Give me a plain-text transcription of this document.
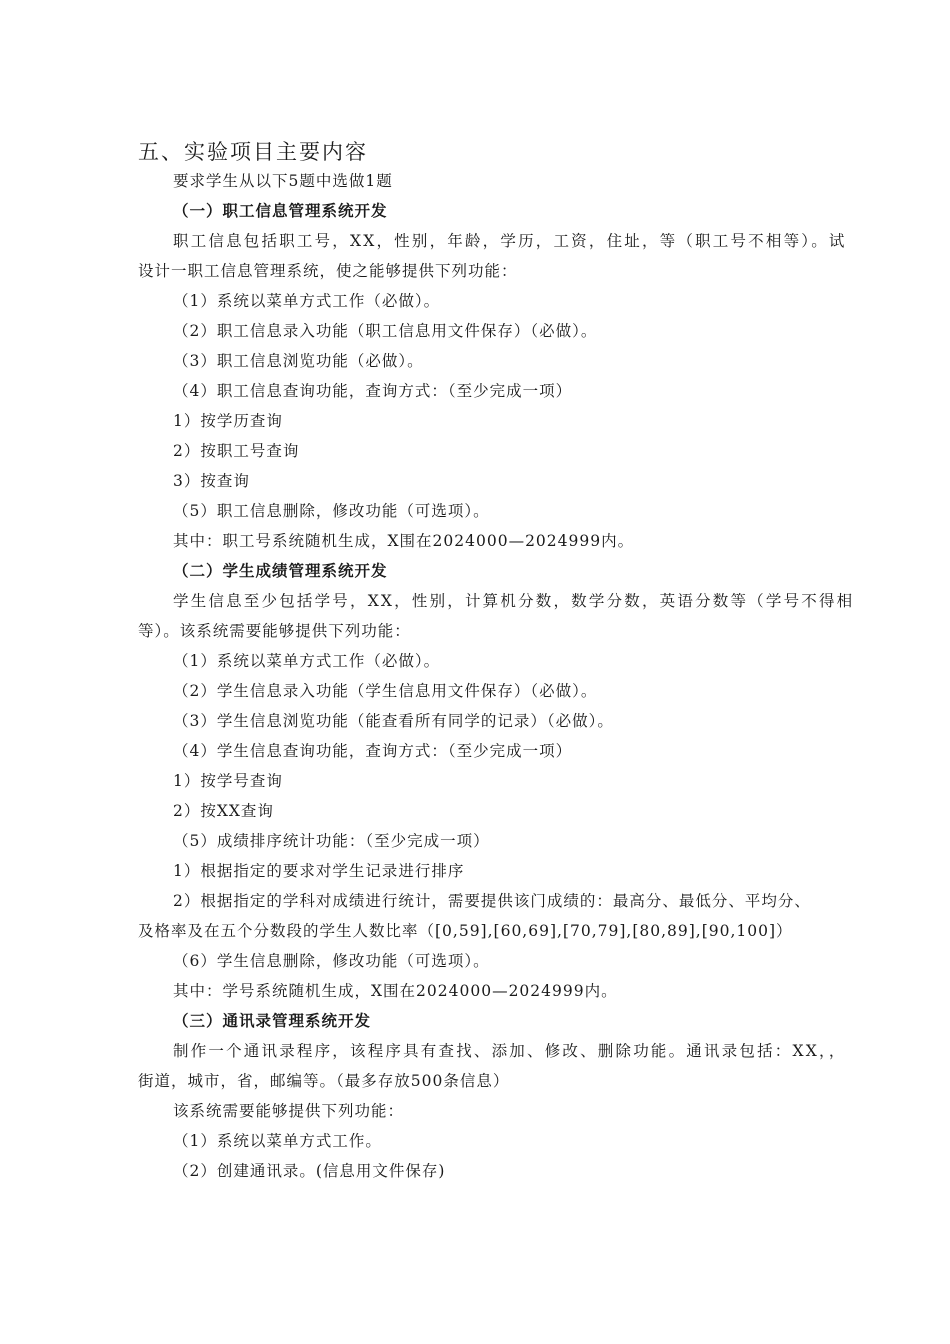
五、实验项目主要内容
要求学生从以下5题中选做1题
（一）职工信息管理系统开发
职工信息包括职工号，XX，性别，年龄，学历，工资，住址，等（职工号不相等）。试
设计一职工信息管理系统，使之能够提供下列功能：
（1）系统以菜单方式工作（必做）。
（2）职工信息录入功能（职工信息用文件保存）（必做）。
（3）职工信息浏览功能（必做）。
（4）职工信息查询功能，查询方式：（至少完成一项）
1）按学历查询
2）按职工号查询
3）按查询
（5）职工信息删除，修改功能（可选项）。
其中：职工号系统随机生成，X围在2024000—2024999内。
（二）学生成绩管理系统开发
学生信息至少包括学号，XX，性别，计算机分数，数学分数，英语分数等（学号不得相
等）。该系统需要能够提供下列功能：
（1）系统以菜单方式工作（必做）。
（2）学生信息录入功能（学生信息用文件保存）（必做）。
（3）学生信息浏览功能（能查看所有同学的记录）（必做）。
（4）学生信息查询功能，查询方式：（至少完成一项）
1）按学号查询
2）按XX查询
（5）成绩排序统计功能：（至少完成一项）
1）根据指定的要求对学生记录进行排序
2）根据指定的学科对成绩进行统计，需要提供该门成绩的：最高分、最低分、平均分、
及格率及在五个分数段的学生人数比率（[0,59],[60,69],[70,79],[80,89],[90,100]）
（6）学生信息删除，修改功能（可选项）。
其中：学号系统随机生成，X围在2024000—2024999内。
（三）通讯录管理系统开发
制作一个通讯录程序，该程序具有查找、添加、修改、删除功能。通讯录包括：XX，，
街道，城市，省，邮编等。（最多存放500条信息）
该系统需要能够提供下列功能：
（1）系统以菜单方式工作。
（2）创建通讯录。(信息用文件保存)
